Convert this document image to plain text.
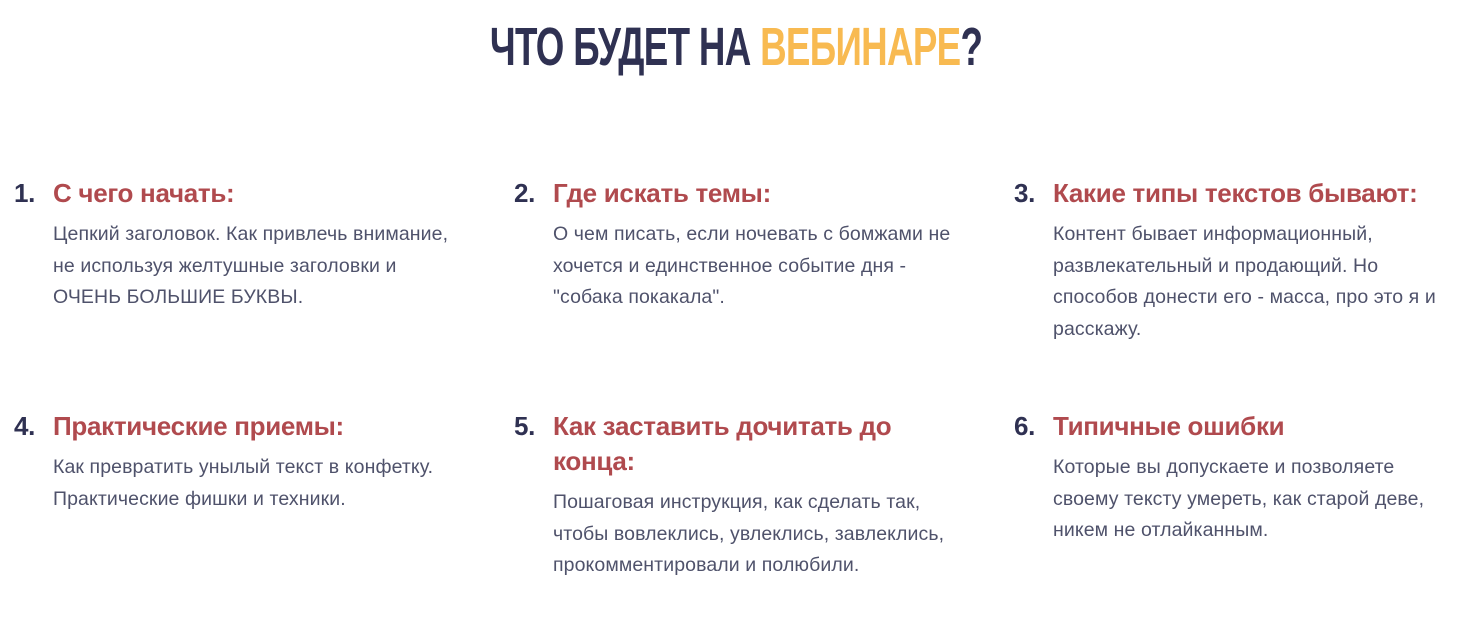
ЧТО БУДЕТ НА ВЕБИНАРЕ?
1. С чего начать:

Цепкий заголовок. Как привлечь внимание, не используя желтушные заголовки и ОЧЕНЬ БОЛЬШИЕ БУКВЫ.

2. Где искать темы:

О чем писать, если ночевать с бомжами не хочется и единственное событие дня - "собака покакала".

3. Какие типы текстов бывают:

Контент бывает информационный, развлекательный и продающий. Но способов донести его - масса, про это я и расскажу.

4. Практические приемы:

Как превратить унылый текст в конфетку. Практические фишки и техники.

5. Как заставить дочитать до конца:

Пошаговая инструкция, как сделать так, чтобы вовлеклись, увлеклись, завлеклись, прокомментировали и полюбили.

6. Типичные ошибки

Которые вы допускаете и позволяете своему тексту умереть, как старой деве, никем не отлайканным.
